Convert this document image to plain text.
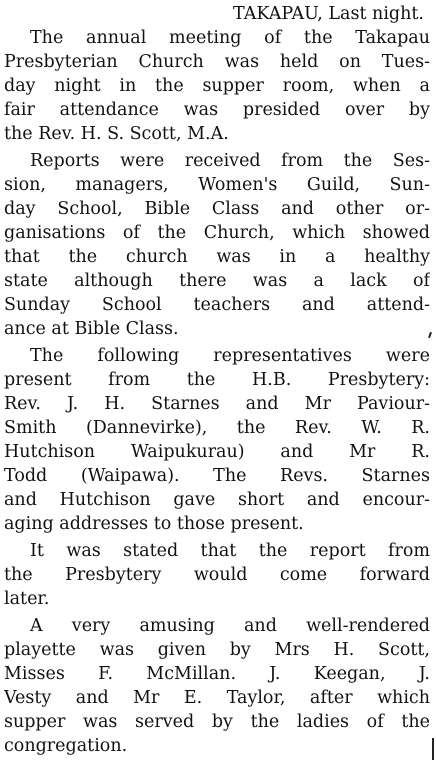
TAKAPAU, Last night.
The annual meeting of the Takapau
Presbyterian Church was held on Tues-
day night in the supper room, when a
fair attendance was presided over by
the Rev. H. S. Scott, M.A.
Reports were received from the Ses-
sion, managers, Women's Guild, Sun-
day School, Bible Class and other or-
ganisations of the Church, which showed
that the church was in a healthy
state although there was a lack of
Sunday School teachers and attend-
ance at Bible Class.
The following representatives were
present from the H.B. Presbytery:
Rev. J. H. Starnes and Mr Paviour-
Smith (Dannevirke), the Rev. W. R.
Hutchison Waipukurau) and Mr R.
Todd (Waipawa). The Revs. Starnes
and Hutchison gave short and encour-
aging addresses to those present.
It was stated that the report from
the Presbytery would come forward
later.
A very amusing and well-rendered
playette was given by Mrs H. Scott,
Misses F. McMillan. J. Keegan, J.
Vesty and Mr E. Taylor, after which
supper was served by the ladies of the
congregation.
